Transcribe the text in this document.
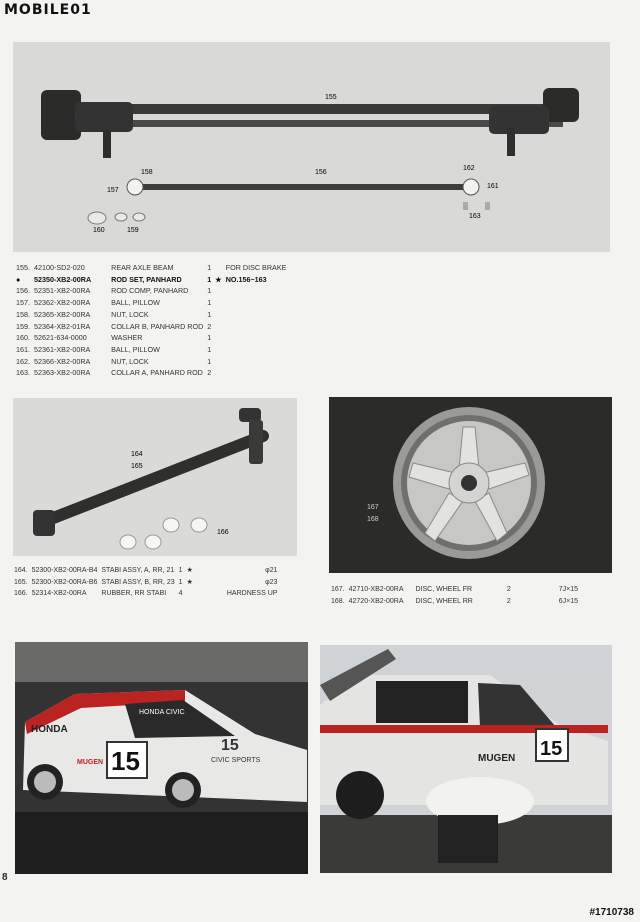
MOBILE01
155
156
157
158
159
160
161
162
163
155.	42100-SD2-020	REAR AXLE BEAM	1		FOR DISC BRAKE
●	52350-XB2-00RA	ROD SET, PANHARD	1	★	NO.156~163
156.	52351-XB2-00RA	ROD COMP, PANHARD	1		
157.	52362-XB2-00RA	BALL, PILLOW	1		
158.	52365-XB2-00RA	NUT, LOCK	1		
159.	52364-XB2-01RA	COLLAR B, PANHARD ROD	2		
160.	52621-634-0000	WASHER	1		
161.	52361-XB2-00RA	BALL, PILLOW	1		
162.	52366-XB2-00RA	NUT, LOCK	1		
163.	52363-XB2-00RA	COLLAR A, PANHARD ROD	2		
164
165
166
164.	52300-XB2-00RA-B4	STABI ASSY, A, RR, 21	1	★	φ21
165.	52300-XB2-00RA-B6	STABI ASSY, B, RR, 23	1	★	φ23
166.	52314-XB2-00RA	RUBBER, RR STABI	4		HARDNESS UP
167
168
167.	42710-XB2-00RA	DISC, WHEEL FR	2	7J×15
168.	42720-XB2-00RA	DISC, WHEEL RR	2	6J×15
HONDA
15
HONDA CIVIC
MUGEN
15
CIVIC SPORTS
15
MUGEN
8
#1710738
